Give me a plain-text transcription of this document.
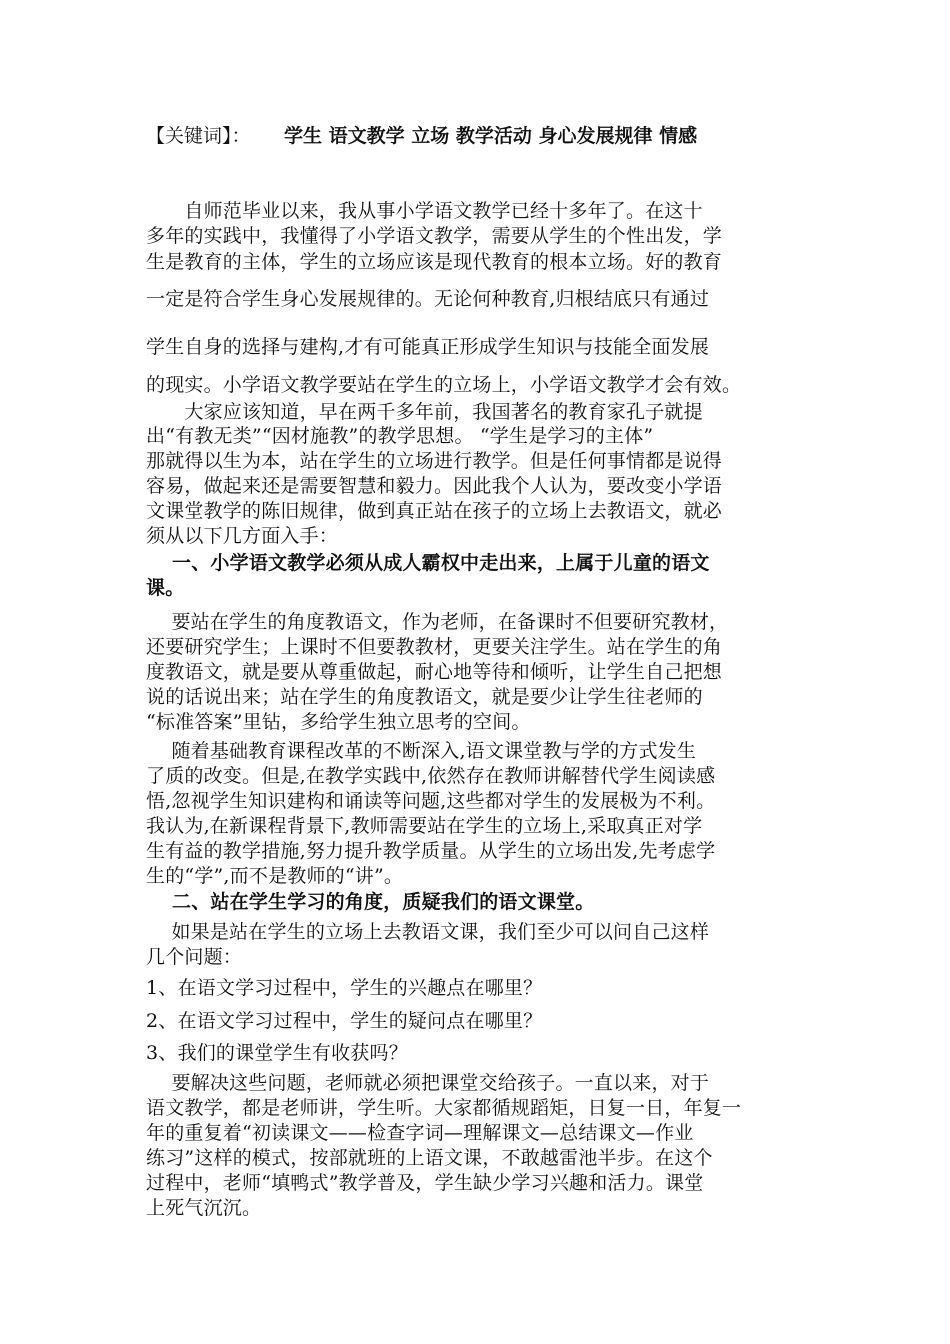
【关键词】： 学生 语文教学 立场 教学活动 身心发展规律 情感
　　自师范毕业以来，我从事小学语文教学已经十多年了。在这十
多年的实践中，我懂得了小学语文教学，需要从学生的个性出发，学
生是教育的主体，学生的立场应该是现代教育的根本立场。好的教育
一定是符合学生身心发展规律的。无论何种教育,归根结底只有通过
学生自身的选择与建构,才有可能真正形成学生知识与技能全面发展
的现实。小学语文教学要站在学生的立场上，小学语文教学才会有效。
　　大家应该知道，早在两千多年前，我国著名的教育家孔子就提
出“有教无类”“因材施教”的教学思想。 “学生是学习的主体”
那就得以生为本，站在学生的立场进行教学。但是任何事情都是说得
容易，做起来还是需要智慧和毅力。因此我个人认为，要改变小学语
文课堂教学的陈旧规律，做到真正站在孩子的立场上去教语文，就必
须从以下几方面入手：
　 一、小学语文教学必须从成人霸权中走出来，上属于儿童的语文
课。
　 要站在学生的角度教语文，作为老师，在备课时不但要研究教材，
还要研究学生；上课时不但要教教材，更要关注学生。站在学生的角
度教语文，就是要从尊重做起，耐心地等待和倾听，让学生自己把想
说的话说出来；站在学生的角度教语文，就是要少让学生往老师的
“标准答案”里钻，多给学生独立思考的空间。
　 随着基础教育课程改革的不断深入,语文课堂教与学的方式发生
了质的改变。但是,在教学实践中,依然存在教师讲解替代学生阅读感
悟,忽视学生知识建构和诵读等问题,这些都对学生的发展极为不利。
我认为,在新课程背景下,教师需要站在学生的立场上,采取真正对学
生有益的教学措施,努力提升教学质量。从学生的立场出发,先考虑学
生的“学”,而不是教师的“讲”。
　 二、站在学生学习的角度，质疑我们的语文课堂。
　 如果是站在学生的立场上去教语文课，我们至少可以问自己这样
几个问题：
1、在语文学习过程中，学生的兴趣点在哪里？
2、在语文学习过程中，学生的疑问点在哪里？
3、我们的课堂学生有收获吗？
　 要解决这些问题，老师就必须把课堂交给孩子。一直以来，对于
语文教学，都是老师讲，学生听。大家都循规蹈矩，日复一日，年复一
年的重复着“初读课文——检查字词—理解课文—总结课文—作业
练习”这样的模式，按部就班的上语文课，不敢越雷池半步。在这个
过程中，老师“填鸭式”教学普及，学生缺少学习兴趣和活力。课堂
上死气沉沉。
